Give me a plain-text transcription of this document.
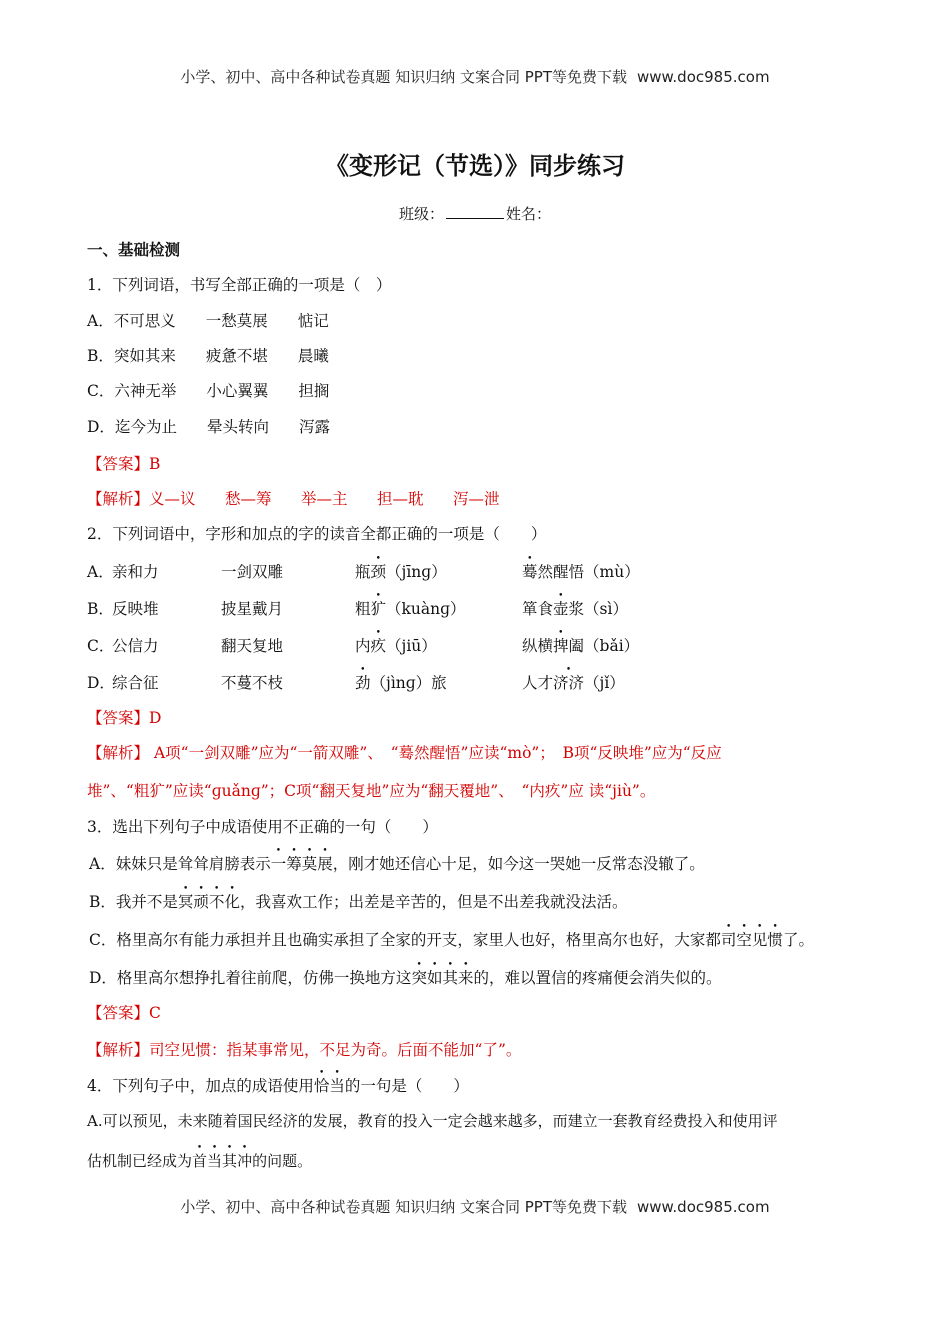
小学、初中、高中各种试卷真题 知识归纳 文案合同 PPT等免费下载 www.doc985.com
《变形记（节选）》同步练习
班级：	姓名：
一、基础检测
1．下列词语，书写全部正确的一项是（　）
A．不可思义 一愁莫展 惦记
B．突如其来 疲惫不堪 晨曦
C．六神无举 小心翼翼 担搁
D．迄今为止 晕头转向 泻露
【答案】B
【解析】义—议 愁—筹 举—主 担—耽 泻—泄
2．下列词语中，字形和加点的字的读音全都正确的一项是（　　）
A．
亲和力	一剑双雕	瓶颈（jīnɡ）	蓦然醒悟（mù）
B．
反映堆	披星戴月	粗犷（kuànɡ）	箪食壶浆（sì）
C．
公信力	翻天复地	内疚（jiū）	纵横捭阖（bǎi）
D．
综合征	不蔓不枝	劲（jìnɡ）旅	人才济济（jǐ）
【答案】D
【解析】 A项“一剑双雕”应为“一箭双雕”、　“蓦然醒悟”应读“mò”；　B项“反映堆”应为“反应
堆”、“粗犷”应读“ɡuǎnɡ”；C项“翻天复地”应为“翻天覆地”、　“内疚”应 读“jiù”。
3．选出下列句子中成语使用不正确的一句（　　）
A．妹妹只是耸耸肩膀表示一筹莫展，刚才她还信心十足，如今这一哭她一反常态没辙了。
B．我并不是冥顽不化，我喜欢工作；出差是辛苦的，但是不出差我就没法活。
C．格里高尔有能力承担并且也确实承担了全家的开支，家里人也好，格里高尔也好，大家都司空见惯了。
D．格里高尔想挣扎着往前爬，仿佛一换地方这突如其来的，难以置信的疼痛便会消失似的。
【答案】C
【解析】司空见惯：指某事常见，不足为奇。后面不能加“了”。
4．下列句子中，加点的成语使用恰当的一句是（　　）
A.可以预见，未来随着国民经济的发展，教育的投入一定会越来越多，而建立一套教育经费投入和使用评
估机制已经成为首当其冲的问题。
小学、初中、高中各种试卷真题 知识归纳 文案合同 PPT等免费下载 www.doc985.com
